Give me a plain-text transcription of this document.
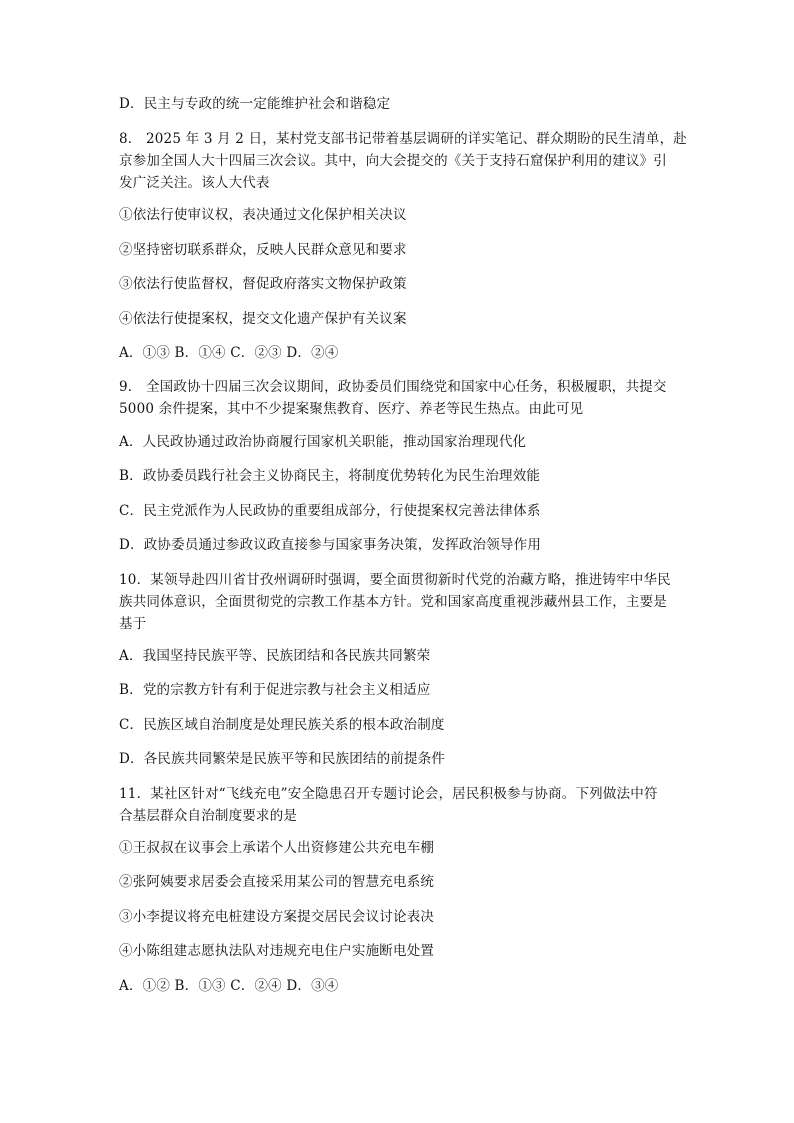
D．民主与专政的统一定能维护社会和谐稳定
8． 2025 年 3 月 2 日，某村党支部书记带着基层调研的详实笔记、群众期盼的民生清单，赴
京参加全国人大十四届三次会议。其中，向大会提交的《关于支持石窟保护利用的建议》引
发广泛关注。该人大代表
①依法行使审议权，表决通过文化保护相关决议
②坚持密切联系群众，反映人民群众意见和要求
③依法行使监督权，督促政府落实文物保护政策
④依法行使提案权，提交文化遗产保护有关议案
A．①③ B．①④ C．②③ D．②④
9． 全国政协十四届三次会议期间，政协委员们围绕党和国家中心任务，积极履职，共提交
5000 余件提案，其中不少提案聚焦教育、医疗、养老等民生热点。由此可见
A．人民政协通过政治协商履行国家机关职能，推动国家治理现代化
B．政协委员践行社会主义协商民主，将制度优势转化为民生治理效能
C．民主党派作为人民政协的重要组成部分，行使提案权完善法律体系
D．政协委员通过参政议政直接参与国家事务决策，发挥政治领导作用
10．某领导赴四川省甘孜州调研时强调，要全面贯彻新时代党的治藏方略，推进铸牢中华民
族共同体意识，全面贯彻党的宗教工作基本方针。党和国家高度重视涉藏州县工作，主要是
基于
A．我国坚持民族平等、民族团结和各民族共同繁荣
B．党的宗教方针有利于促进宗教与社会主义相适应
C．民族区域自治制度是处理民族关系的根本政治制度
D．各民族共同繁荣是民族平等和民族团结的前提条件
11．某社区针对“飞线充电”安全隐患召开专题讨论会，居民积极参与协商。下列做法中符
合基层群众自治制度要求的是
①王叔叔在议事会上承诺个人出资修建公共充电车棚
②张阿姨要求居委会直接采用某公司的智慧充电系统
③小李提议将充电桩建设方案提交居民会议讨论表决
④小陈组建志愿执法队对违规充电住户实施断电处置
A．①② B．①③ C．②④ D．③④
